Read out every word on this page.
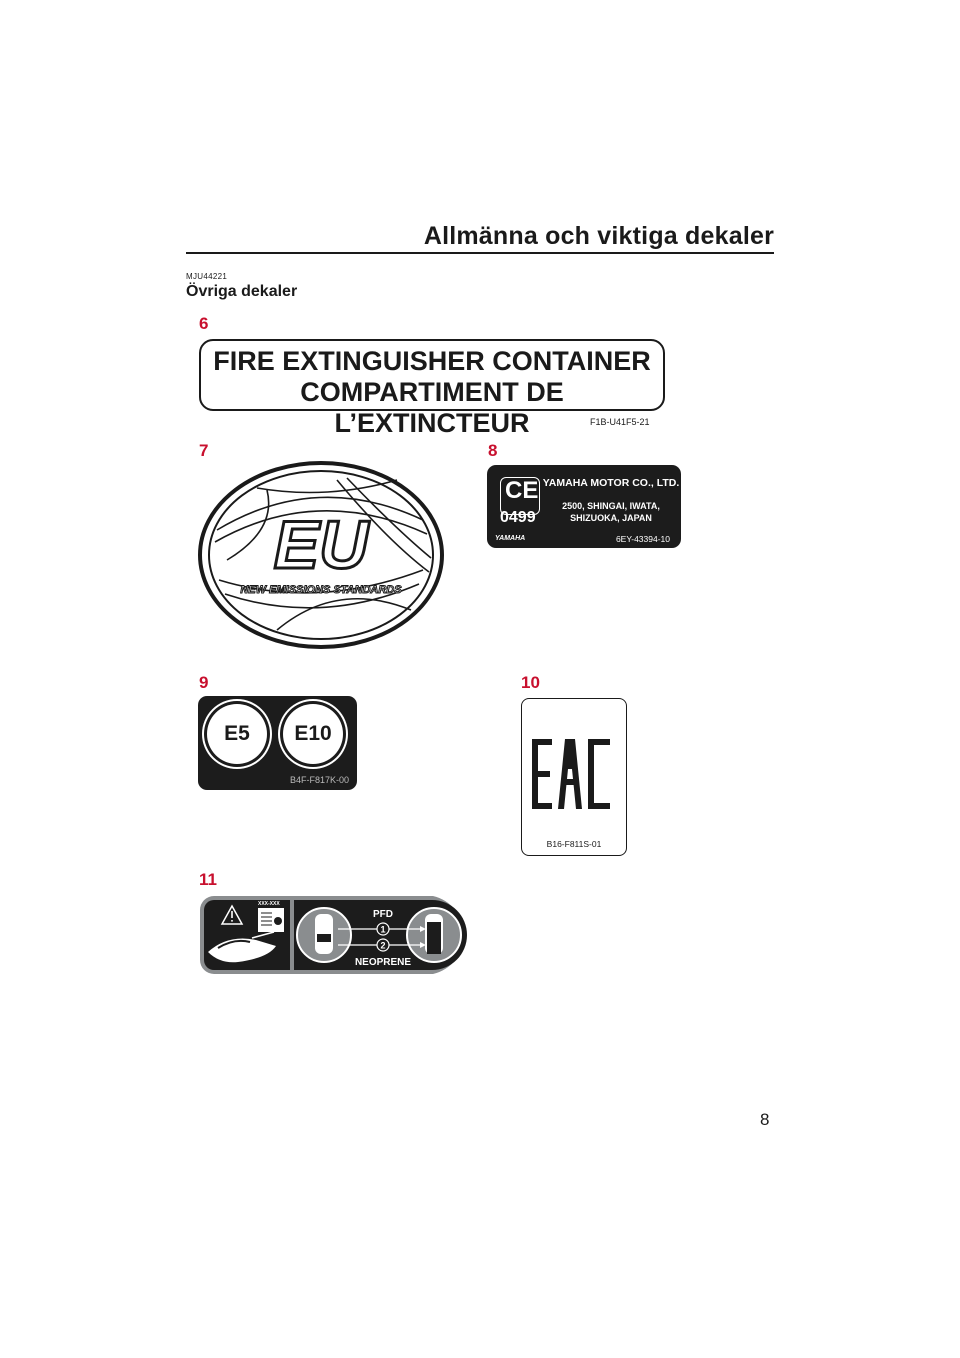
Allmänna och viktiga dekaler
MJU44221
Övriga dekaler
6
FIRE EXTINGUISHER CONTAINER
COMPARTIMENT DE L’EXTINCTEUR	F1B-U41F5-21
7
EU
NEW EMISSIONS STANDARDS
8
CE
0499
YAMAHA MOTOR CO., LTD.
2500, SHINGAI, IWATA,
SHIZUOKA, JAPAN
YAMAHA	6EY-43394-10
9
E5	E10
B4F-F817K-00
10
B16-F811S-01
11
XXX-XXX
1
2
PFD
NEOPRENE
8
